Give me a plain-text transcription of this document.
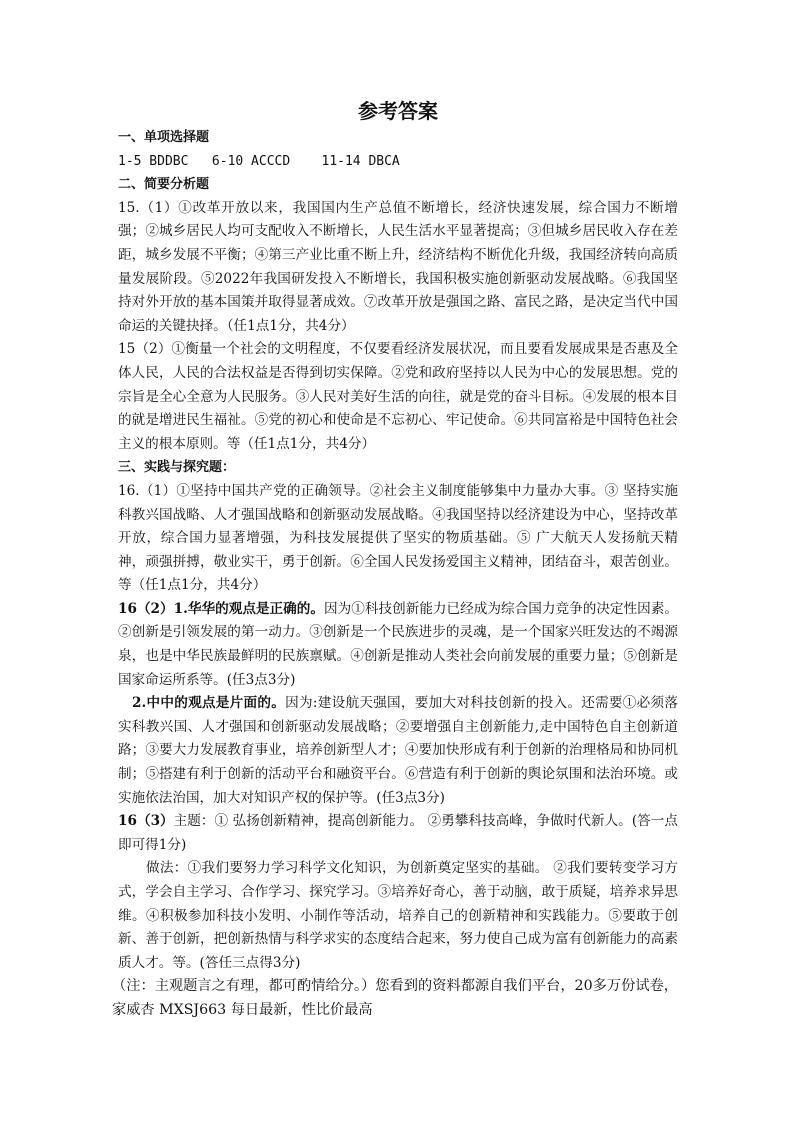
参考答案
一、单项选择题
1-5 BDDBC   6-10 ACCCD    11-14 DBCA
二、简要分析题

15.（1）①改革开放以来，我国国内生产总值不断增长，经济快速发展，综合国力不断增强；②城乡居民人均可支配收入不断增长，人民生活水平显著提高；③但城乡居民收入存在差距，城乡发展不平衡；④第三产业比重不断上升，经济结构不断优化升级，我国经济转向高质量发展阶段。⑤2022年我国研发投入不断增长，我国积极实施创新驱动发展战略。⑥我国坚持对外开放的基本国策并取得显著成效。⑦改革开放是强国之路、富民之路，是决定当代中国命运的关键抉择。（任1点1分，共4分）

15（2）①衡量一个社会的文明程度，不仅要看经济发展状况，而且要看发展成果是否惠及全体人民，人民的合法权益是否得到切实保障。②党和政府坚持以人民为中心的发展思想。党的宗旨是全心全意为人民服务。③人民对美好生活的向往，就是党的奋斗目标。④发展的根本目的就是增进民生福祉。⑤党的初心和使命是不忘初心、牢记使命。⑥共同富裕是中国特色社会主义的根本原则。等（任1点1分，共4分）

三、实践与探究题：

16.（1）①坚持中国共产党的正确领导。②社会主义制度能够集中力量办大事。③ 坚持实施科教兴国战略、人才强国战略和创新驱动发展战略。④我国坚持以经济建设为中心，坚持改革开放，综合国力显著增强，为科技发展提供了坚实的物质基础。⑤ 广大航天人发扬航天精神，顽强拼搏，敬业实干，勇于创新。⑥全国人民发扬爱国主义精神，团结奋斗，艰苦创业。等（任1点1分，共4分）

16（2）1.华华的观点是正确的。因为①科技创新能力已经成为综合国力竞争的决定性因素。②创新是引领发展的第一动力。③创新是一个民族进步的灵魂，是一个国家兴旺发达的不竭源泉，也是中华民族最鲜明的民族禀赋。④创新是推动人类社会向前发展的重要力量；⑤创新是国家命运所系等。(任3点3分)

2.中中的观点是片面的。因为:建设航天强国，要加大对科技创新的投入。还需要①必须落实科教兴国、人才强国和创新驱动发展战略；②要增强自主创新能力,走中国特色自主创新道路；③要大力发展教育事业，培养创新型人才；④要加快形成有利于创新的治理格局和协同机制；⑤搭建有利于创新的活动平台和融资平台。⑥营造有利于创新的舆论氛围和法治环境。或实施依法治国，加大对知识产权的保护等。(任3点3分)

16（3）主题：① 弘扬创新精神，提高创新能力。 ②勇攀科技高峰，争做时代新人。(答一点即可得1分)

做法：①我们要努力学习科学文化知识，为创新奠定坚实的基础。 ②我们要转变学习方式，学会自主学习、合作学习、探究学习。③培养好奇心，善于动脑，敢于质疑，培养求异思维。④积极参加科技小发明、小制作等活动，培养自己的创新精神和实践能力。⑤要敢于创新、善于创新，把创新热情与科学求实的态度结合起来，努力使自己成为富有创新能力的高素质人才。等。(答任三点得3分)

（注：主观题言之有理，都可酌情给分。）您看到的资料都源自我们平台，20多万份试卷，家威杏 MXSJ663 每日最新，性比价最高
